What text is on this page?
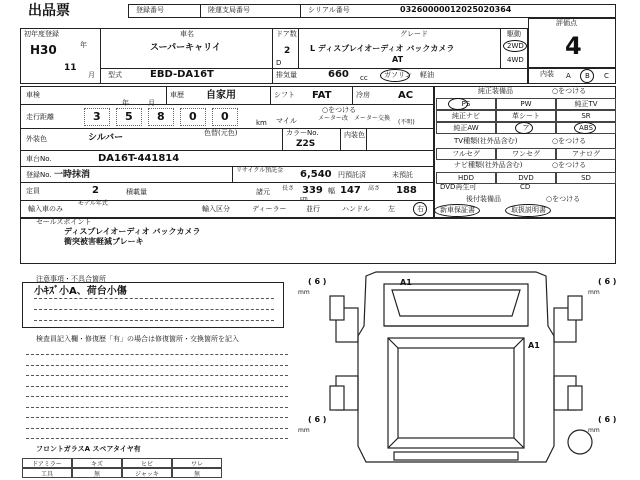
出品票	登録番号	陸運支局番号	シリアル番号	03260000012025020364
評価点
4
初年度登録
H30	年
11
月
車名
スーパーキャリイ
ドア数
2
D
グレード
L ディスプレイオーディオ バックカメラ
AT
駆動
2WD
4WD
型式	EBD-DA16T	排気量	660 cc ガソリン 軽油	内装 A B C
車検
年	月
車歴 自家用	シフト FAT	冷房	AC
走行距離	3 5 8 0 0	km
○をつける
マイル	メーター改 メーター交換
(不明)
外装色	シルバー	色替(元色)	カラーNo.
Z2S
内装色
車台No.	DA16T-441814
登録No. 一時抹消	リサイクル預託金 6,540 円預託済	未預託
定員	2	積載量	諸元 長さ 339
cm
幅 147 高さ 188
輸入車のみ
モデル年式
輸入区分	ディーラー	並行	ハンドル	左	右
純正装備品	○をつける
PS	PW	純正TV
純正ナビ	革シート	SR
純正AW	ア	ABS
フルセグ	ワンセグ	アナログ
HDD	DVD	SD
TV種類(社外品含む)	○をつける
ナビ種類(社外品含む)	○をつける
DVD再生可	CD
後付装備品	○をつける
新車保証書	取扱説明書
セールスポイント
ディスプレイオーディオ バックカメラ
衝突被害軽減ブレーキ
注意事項・不具合箇所
小ｷｽﾞ小A、荷台小傷
検査員記入欄・修復歴「有」の場合は修復箇所・交換箇所を記入
フロントガラスA スペアタイヤ有
ドアミラー	キズ	ヒビ	ワレ
工具	無	ジャッキ	無
A1
A1
( 6 )
mm
( 6 )
mm
( 6 )
mm
( 6 )
mm
